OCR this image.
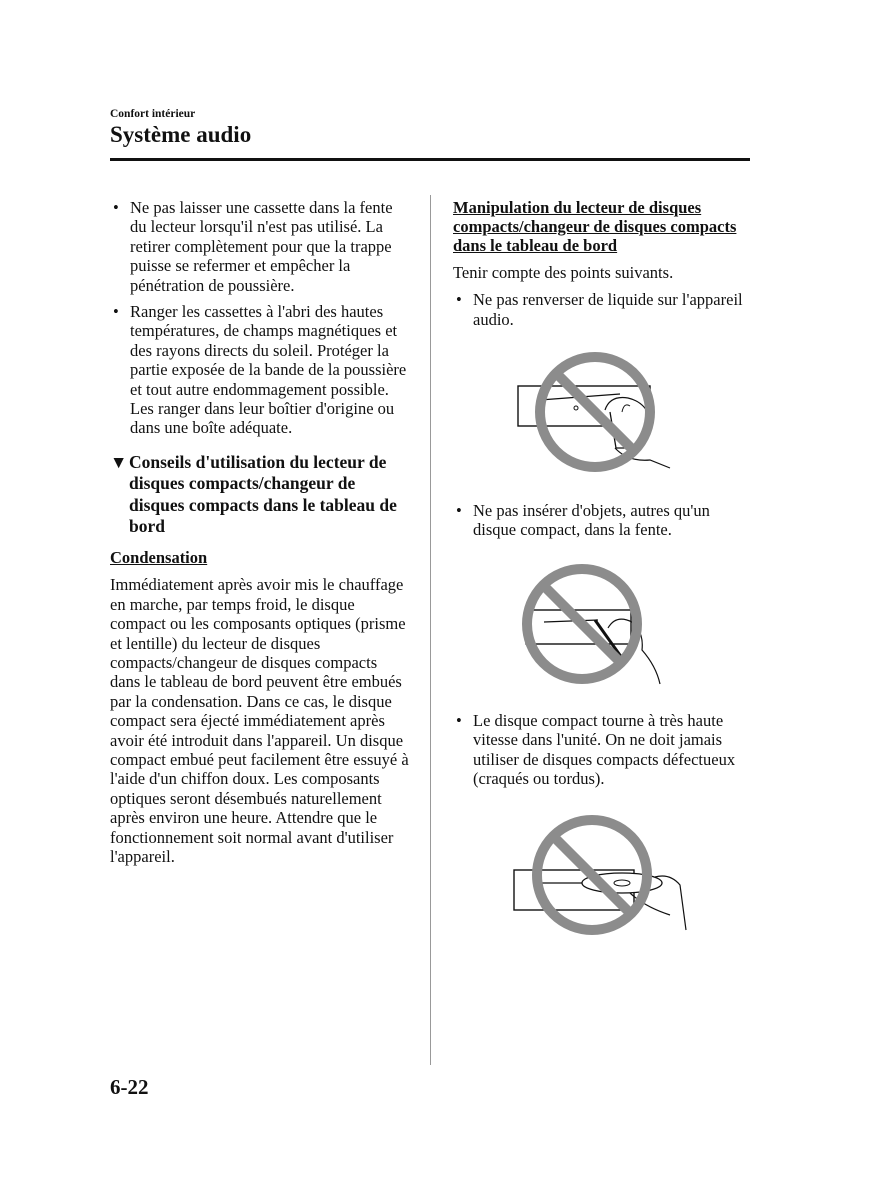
Confort intérieur
Système audio
• Ne pas laisser une cassette dans la fente du lecteur lorsqu'il n'est pas utilisé. La retirer complètement pour que la trappe puisse se refermer et empêcher la pénétration de poussière.
• Ranger les cassettes à l'abri des hautes températures, de champs magnétiques et des rayons directs du soleil. Protéger la partie exposée de la bande de la poussière et tout autre endommagement possible. Les ranger dans leur boîtier d'origine ou dans une boîte adéquate.
▼ Conseils d'utilisation du lecteur de disques compacts/changeur de disques compacts dans le tableau de bord
Condensation

Immédiatement après avoir mis le chauffage en marche, par temps froid, le disque compact ou les composants optiques (prisme et lentille) du lecteur de disques compacts/changeur de disques compacts dans le tableau de bord peuvent être embués par la condensation. Dans ce cas, le disque compact sera éjecté immédiatement après avoir été introduit dans l'appareil. Un disque compact embué peut facilement être essuyé à l'aide d'un chiffon doux. Les composants optiques seront désembués naturellement après environ une heure. Attendre que le fonctionnement soit normal avant d'utiliser l'appareil.

Manipulation du lecteur de disques compacts/changeur de disques compacts dans le tableau de bord

Tenir compte des points suivants.

• Ne pas renverser de liquide sur l'appareil audio.
• Ne pas insérer d'objets, autres qu'un disque compact, dans la fente.
• Le disque compact tourne à très haute vitesse dans l'unité. On ne doit jamais utiliser de disques compacts défectueux (craqués ou tordus).
6-22
